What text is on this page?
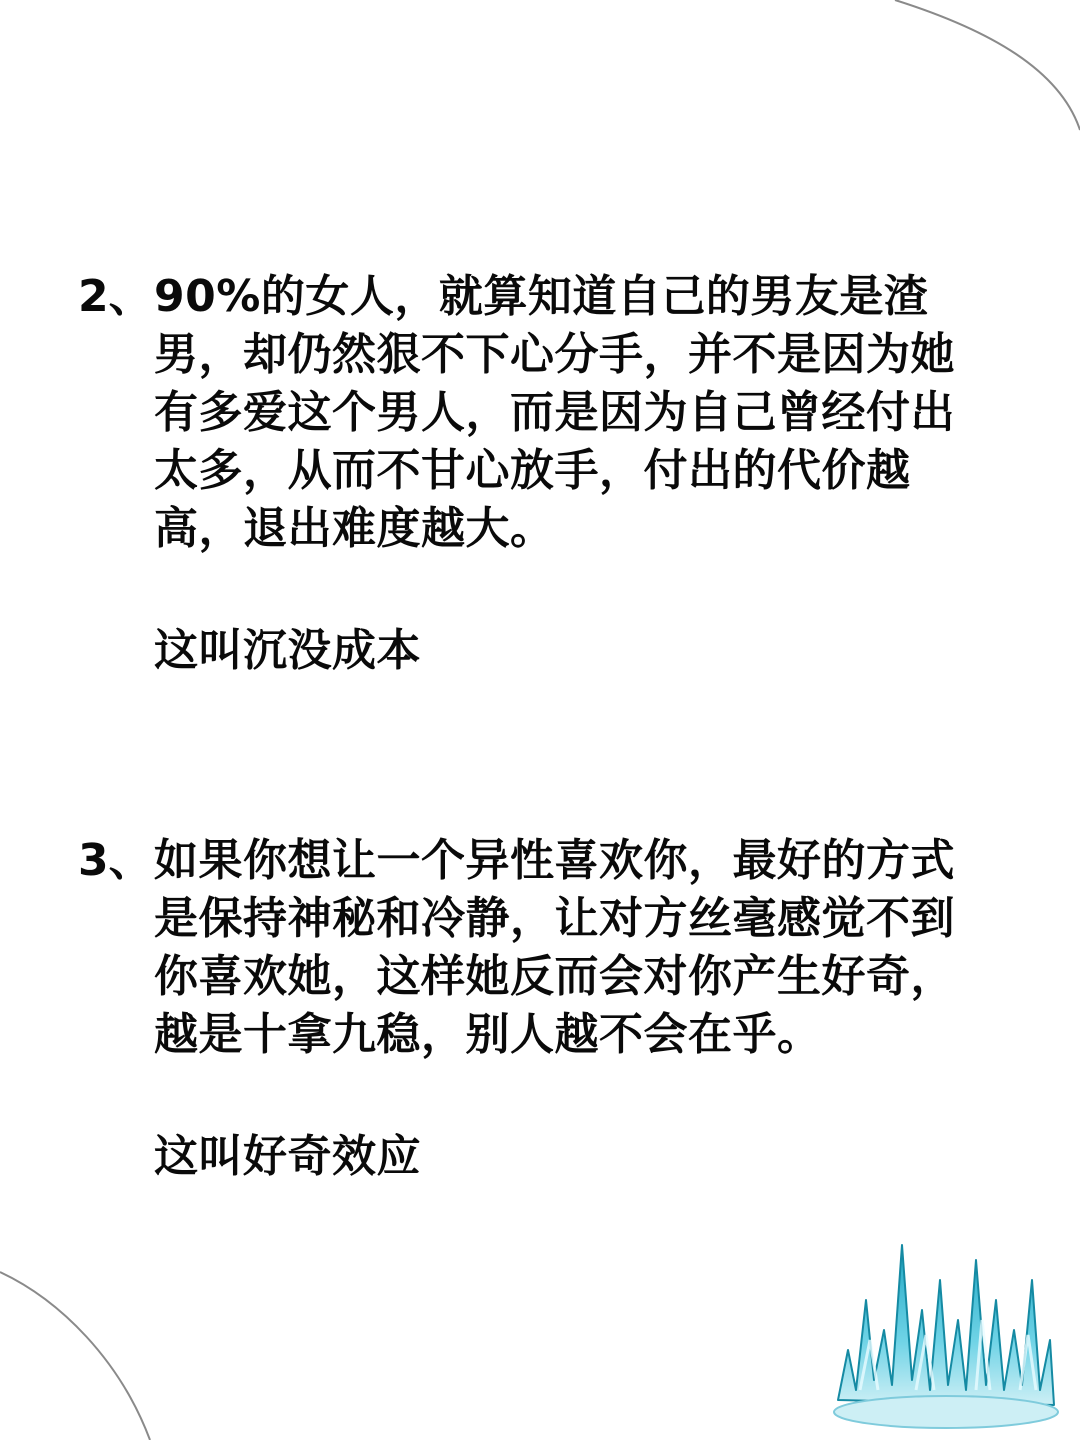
2、 90%的女人，就算知道自己的男友是渣男，却仍然狠不下心分手，并不是因为她有多爱这个男人，而是因为自己曾经付出太多，从而不甘心放手，付出的代价越高，退出难度越大。
这叫沉没成本
3、 如果你想让一个异性喜欢你，最好的方式是保持神秘和冷静，让对方丝毫感觉不到你喜欢她，这样她反而会对你产生好奇，越是十拿九稳，别人越不会在乎。
这叫好奇效应
